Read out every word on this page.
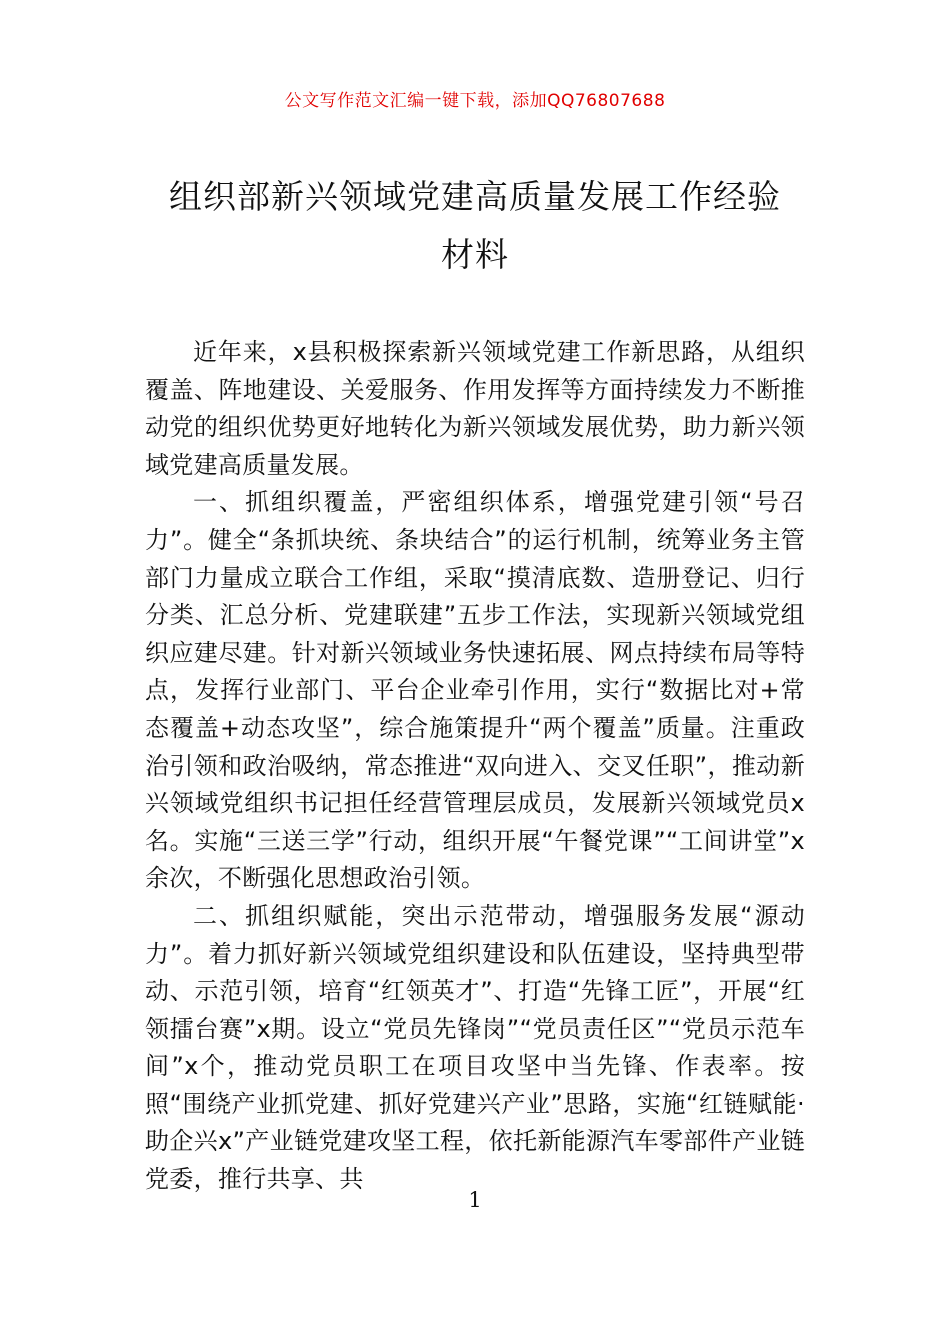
公文写作范文汇编一键下载，添加QQ76807688
组织部新兴领域党建高质量发展工作经验
材料

近年来，x县积极探索新兴领域党建工作新思路，从组织覆盖、阵地建设、关爱服务、作用发挥等方面持续发力不断推动党的组织优势更好地转化为新兴领域发展优势，助力新兴领域党建高质量发展。

一、抓组织覆盖，严密组织体系，增强党建引领“号召力”。健全“条抓块统、条块结合”的运行机制，统筹业务主管部门力量成立联合工作组，采取“摸清底数、造册登记、归行分类、汇总分析、党建联建”五步工作法，实现新兴领域党组织应建尽建。针对新兴领域业务快速拓展、网点持续布局等特点，发挥行业部门、平台企业牵引作用，实行“数据比对+常态覆盖+动态攻坚”，综合施策提升“两个覆盖”质量。注重政治引领和政治吸纳，常态推进“双向进入、交叉任职”，推动新兴领域党组织书记担任经营管理层成员，发展新兴领域党员x名。实施“三送三学”行动，组织开展“午餐党课”“工间讲堂”x余次，不断强化思想政治引领。

二、抓组织赋能，突出示范带动，增强服务发展“源动力”。着力抓好新兴领域党组织建设和队伍建设，坚持典型带动、示范引领，培育“红领英才”、打造“先锋工匠”，开展“红领擂台赛”x期。设立“党员先锋岗”“党员责任区”“党员示范车间”x个，推动党员职工在项目攻坚中当先锋、作表率。按照“围绕产业抓党建、抓好党建兴产业”思路，实施“红链赋能·助企兴x”产业链党建攻坚工程，依托新能源汽车零部件产业链党委，推行共享、共

1
